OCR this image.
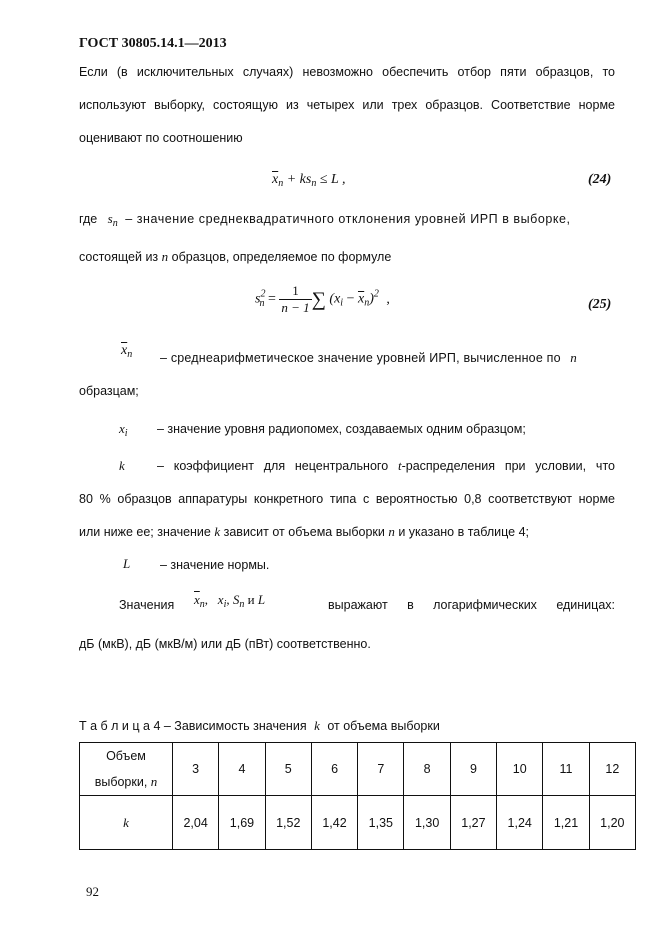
ГОСТ 30805.14.1—2013
Если (в исключительных случаях) невозможно обеспечить отбор пяти образцов, то
используют выборку, состоящую из четырех или трех образцов. Соответствие норме
оценивают по соотношению
$\overline{x}_n + ks_n \le L$ ,	(24)
где $s_n$ – значение среднеквадратичного отклонения уровней ИРП в выборке,
состоящей из n образцов, определяемое по формуле
$s^2_n = \frac{1}{n - 1}$ ∑ $(x_i - \overline{x}_n)^2$ ,	(25)
$\overline{x}_n$ – среднеарифметическое значение уровней ИРП, вычисленное по n
образцам;
$x_i$ – значение уровня радиопомех, создаваемых одним образцом;
k	– коэффициент для нецентрального t-распределения при условии, что
80 % образцов аппаратуры конкретного типа с вероятностью 0,8 соответствуют норме
или ниже ее; значение k зависит от объема выборки n и указано в таблице 4;
L – значение нормы.
Значения $\overline{x}_n$, $x_i$, $S_n$ и L	выражают в логарифмических единицах:
дБ (мкВ), дБ (мкВ/м) или дБ (пВт) соответственно.
Т а б л и ц а 4 – Зависимость значения k от объема выборки
Объем
выборки, n	3	4	5	6	7	8	9	10	11	12
k	2,04	1,69	1,52	1,42	1,35	1,30	1,27	1,24	1,21	1,20
92
